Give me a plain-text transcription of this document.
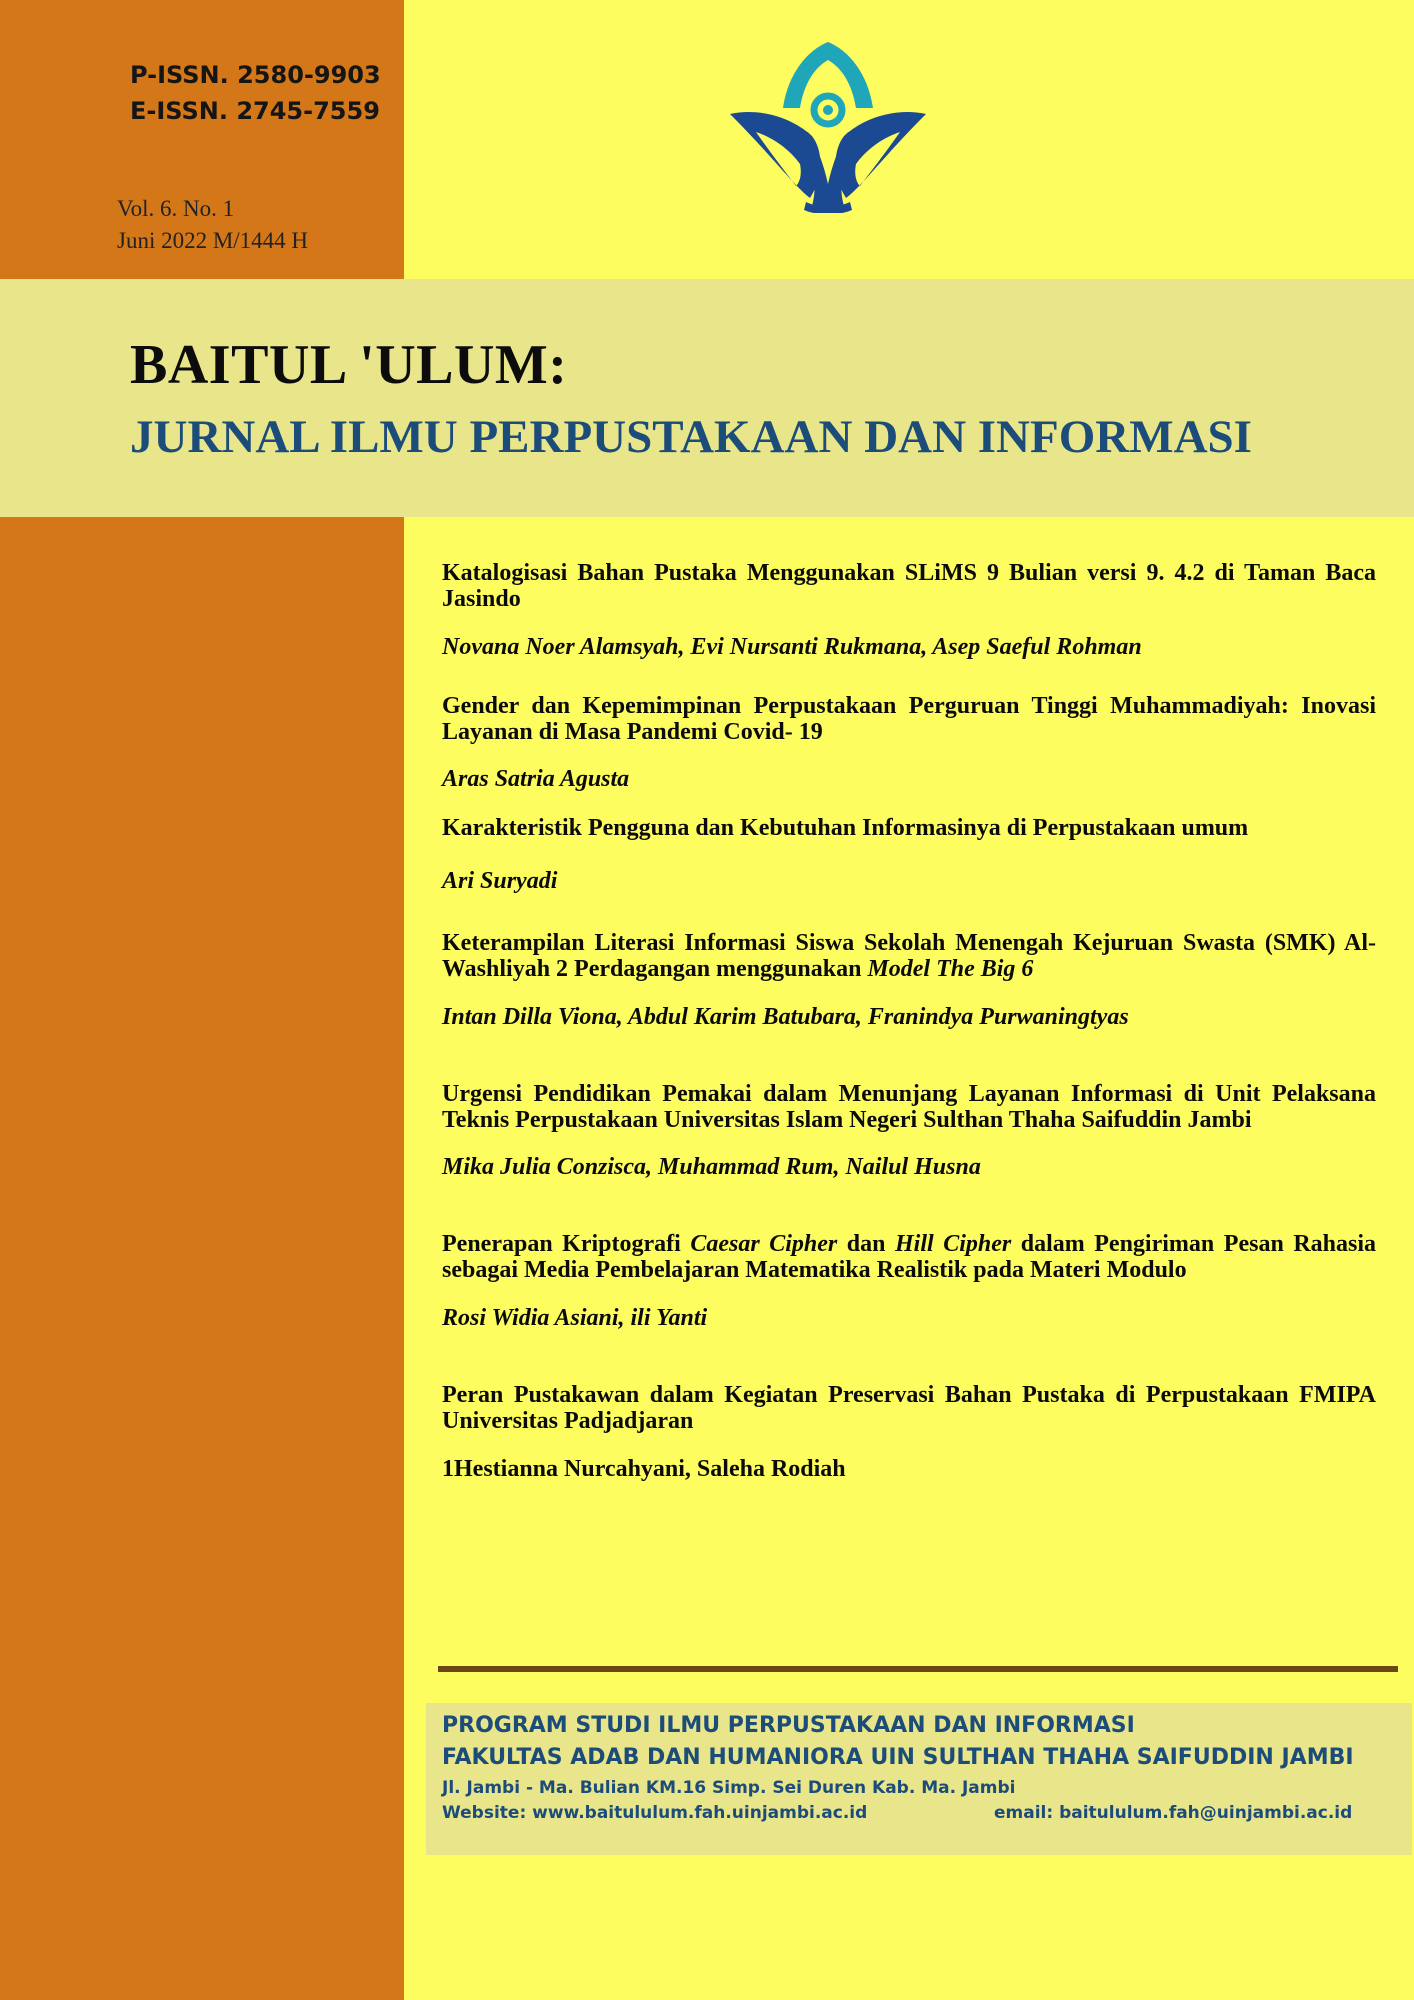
P-ISSN. 2580-9903
E-ISSN. 2745-7559
Vol. 6. No. 1
Juni 2022 M/1444 H
BAITUL 'ULUM:
JURNAL ILMU PERPUSTAKAAN DAN INFORMASI
Katalogisasi Bahan Pustaka Menggunakan SLiMS 9 Bulian versi 9. 4.2 di Taman Baca Jasindo
Novana Noer Alamsyah, Evi Nursanti Rukmana, Asep Saeful Rohman
Gender dan Kepemimpinan Perpustakaan Perguruan Tinggi Muhammadiyah: Inovasi Layanan di Masa Pandemi Covid- 19
Aras Satria Agusta
Karakteristik Pengguna dan Kebutuhan Informasinya di Perpustakaan umum
Ari Suryadi
Keterampilan Literasi Informasi Siswa Sekolah Menengah Kejuruan Swasta (SMK) Al-Washliyah 2 Perdagangan menggunakan Model The Big 6
Intan Dilla Viona, Abdul Karim Batubara, Franindya Purwaningtyas
Urgensi Pendidikan Pemakai dalam Menunjang Layanan Informasi di Unit Pelaksana Teknis Perpustakaan Universitas Islam Negeri Sulthan Thaha Saifuddin Jambi
Mika Julia Conzisca, Muhammad Rum, Nailul Husna
Penerapan Kriptografi Caesar Cipher dan Hill Cipher dalam Pengiriman Pesan Rahasia sebagai Media Pembelajaran Matematika Realistik pada Materi Modulo
Rosi Widia Asiani, ili Yanti
Peran Pustakawan dalam Kegiatan Preservasi Bahan Pustaka di Perpustakaan FMIPA Universitas Padjadjaran
1Hestianna Nurcahyani, Saleha Rodiah
PROGRAM STUDI ILMU PERPUSTAKAAN DAN INFORMASI
FAKULTAS ADAB DAN HUMANIORA UIN SULTHAN THAHA SAIFUDDIN JAMBI
Jl. Jambi - Ma. Bulian KM.16 Simp. Sei Duren Kab. Ma. Jambi
Website: www.baitululum.fah.uinjambi.ac.id	email: baitululum.fah@uinjambi.ac.id
